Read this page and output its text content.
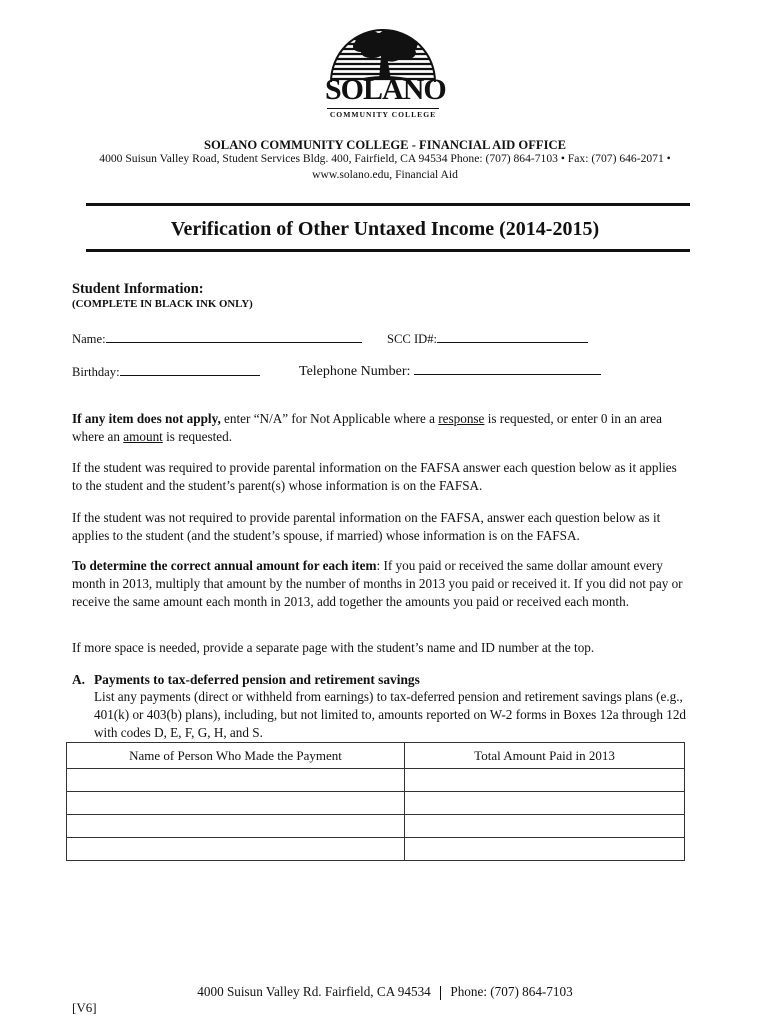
SOLANO
COMMUNITY COLLEGE
SOLANO COMMUNITY COLLEGE - FINANCIAL AID OFFICE
4000 Suisun Valley Road, Student Services Bldg. 400, Fairfield, CA 94534 Phone: (707) 864-7103 • Fax: (707) 646-2071 •
www.solano.edu, Financial Aid
Verification of Other Untaxed Income (2014-2015)
Student Information:
(COMPLETE IN BLACK INK ONLY)
Name:	SCC ID#:
Birthday:	Telephone Number:
If any item does not apply, enter “N/A” for Not Applicable where a response is requested, or enter 0 in an area where an amount is requested.
If the student was required to provide parental information on the FAFSA answer each question below as it applies to the student and the student’s parent(s) whose information is on the FAFSA.
If the student was not required to provide parental information on the FAFSA, answer each question below as it applies to the student (and the student’s spouse, if married) whose information is on the FAFSA.
To determine the correct annual amount for each item: If you paid or received the same dollar amount every month in 2013, multiply that amount by the number of months in 2013 you paid or received it. If you did not pay or receive the same amount each month in 2013, add together the amounts you paid or received each month.
If more space is needed, provide a separate page with the student’s name and ID number at the top.
A. Payments to tax-deferred pension and retirement savings
List any payments (direct or withheld from earnings) to tax-deferred pension and retirement savings plans (e.g., 401(k) or 403(b) plans), including, but not limited to, amounts reported on W-2 forms in Boxes 12a through 12d with codes D, E, F, G, H, and S.
Name of Person Who Made the Payment	Total Amount Paid in 2013

4000 Suisun Valley Rd. Fairfield, CA 94534 Phone: (707) 864-7103
[V6]
